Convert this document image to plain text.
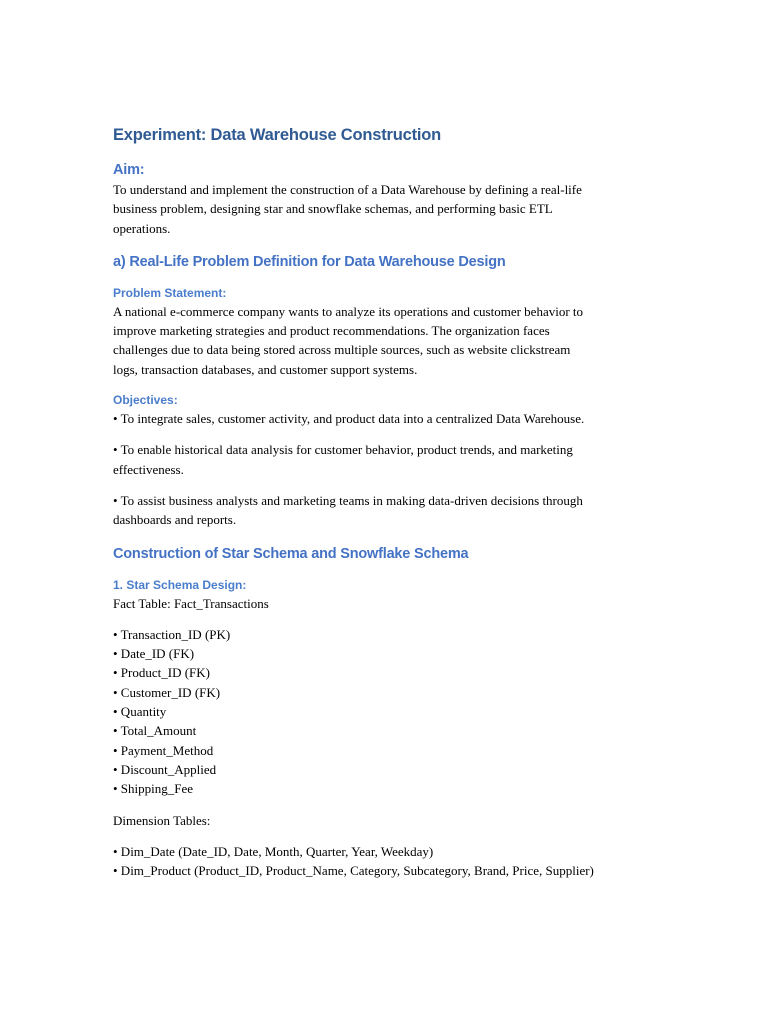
Experiment: Data Warehouse Construction
Aim:
To understand and implement the construction of a Data Warehouse by defining a real-life
business problem, designing star and snowflake schemas, and performing basic ETL
operations.
a) Real-Life Problem Definition for Data Warehouse Design
Problem Statement:
A national e-commerce company wants to analyze its operations and customer behavior to
improve marketing strategies and product recommendations. The organization faces
challenges due to data being stored across multiple sources, such as website clickstream
logs, transaction databases, and customer support systems.
Objectives:
• To integrate sales, customer activity, and product data into a centralized Data Warehouse.
• To enable historical data analysis for customer behavior, product trends, and marketing
effectiveness.
• To assist business analysts and marketing teams in making data-driven decisions through
dashboards and reports.
Construction of Star Schema and Snowflake Schema
1. Star Schema Design:
Fact Table: Fact_Transactions
• Transaction_ID (PK)
• Date_ID (FK)
• Product_ID (FK)
• Customer_ID (FK)
• Quantity
• Total_Amount
• Payment_Method
• Discount_Applied
• Shipping_Fee
Dimension Tables:
• Dim_Date (Date_ID, Date, Month, Quarter, Year, Weekday)
• Dim_Product (Product_ID, Product_Name, Category, Subcategory, Brand, Price, Supplier)
